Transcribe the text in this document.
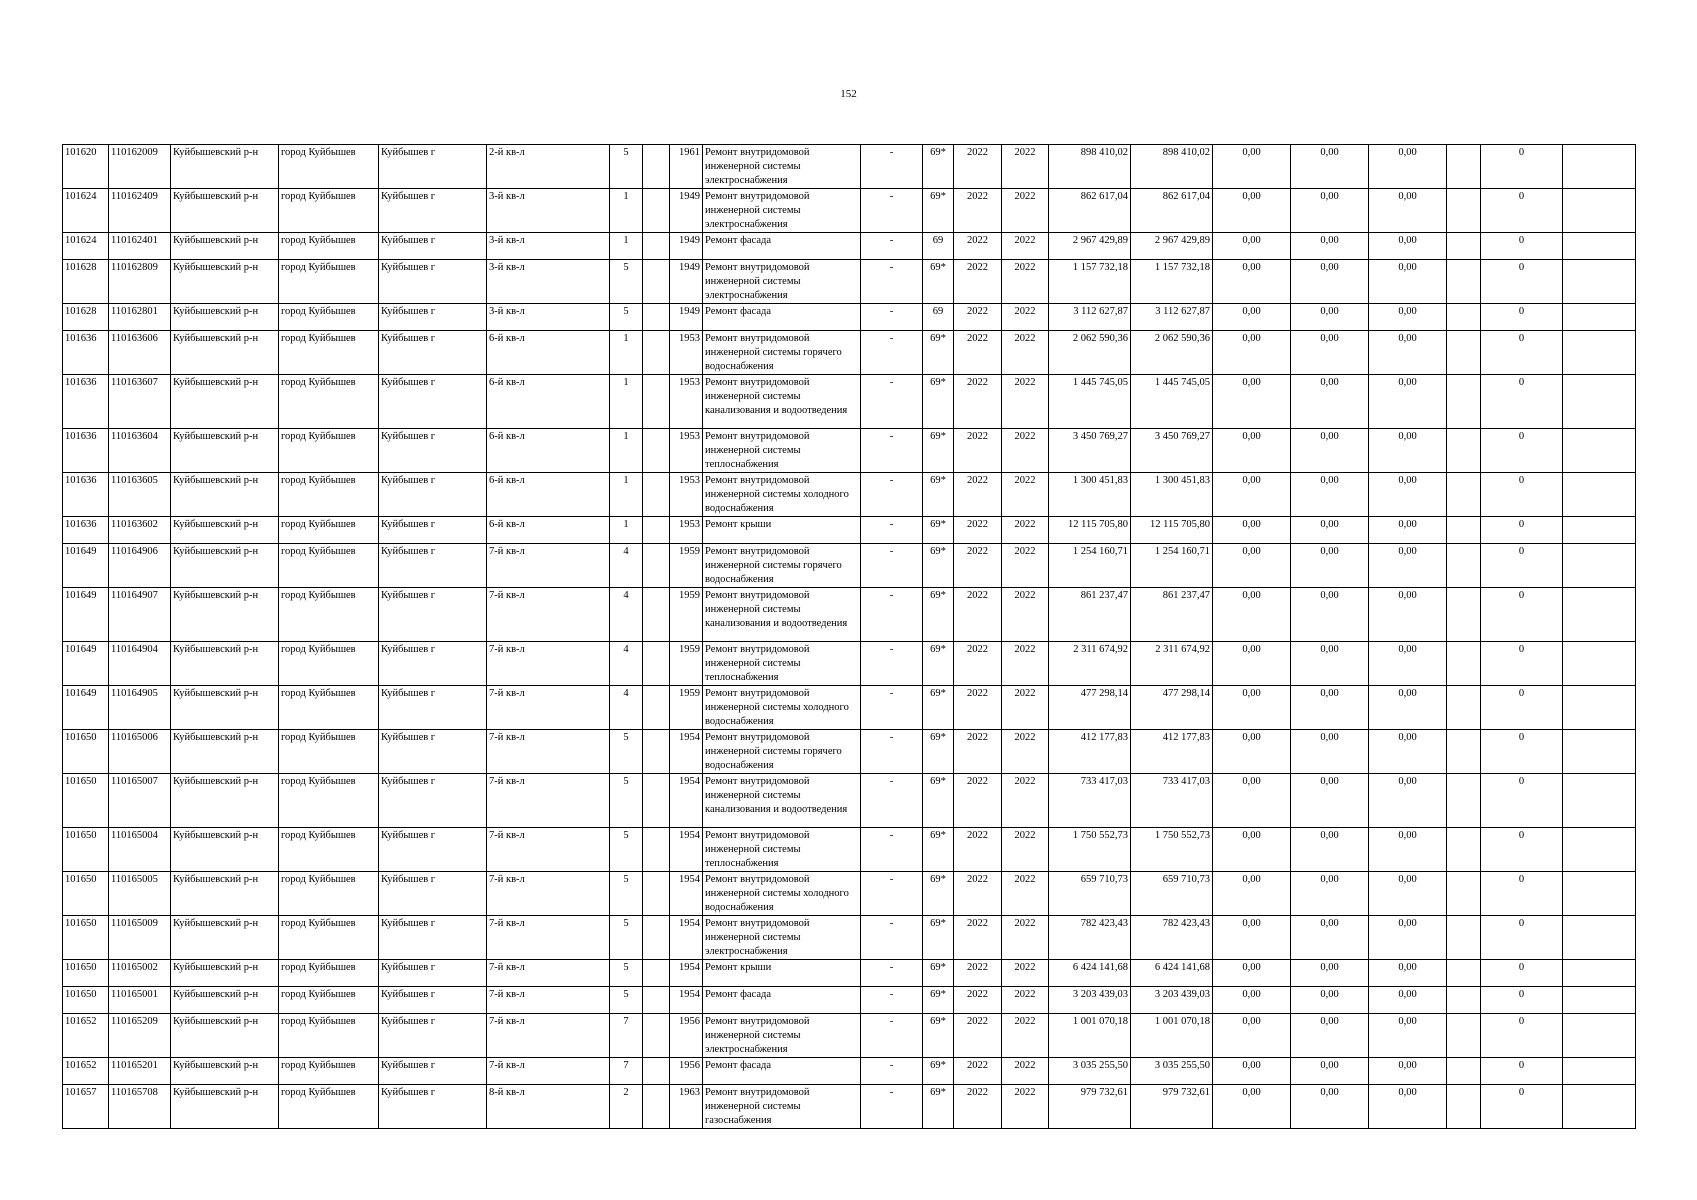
152
101620	110162009	Куйбышевский р-н	город Куйбышев	Куйбышев г	2-й кв-л	5		1961	Ремонт внутридомовой инженерной системы электроснабжения	-	69*	2022	2022	898 410,02	898 410,02	0,00	0,00	0,00		0	
101624	110162409	Куйбышевский р-н	город Куйбышев	Куйбышев г	3-й кв-л	1		1949	Ремонт внутридомовой инженерной системы электроснабжения	-	69*	2022	2022	862 617,04	862 617,04	0,00	0,00	0,00		0	
101624	110162401	Куйбышевский р-н	город Куйбышев	Куйбышев г	3-й кв-л	1		1949	Ремонт фасада	-	69	2022	2022	2 967 429,89	2 967 429,89	0,00	0,00	0,00		0	
101628	110162809	Куйбышевский р-н	город Куйбышев	Куйбышев г	3-й кв-л	5		1949	Ремонт внутридомовой инженерной системы электроснабжения	-	69*	2022	2022	1 157 732,18	1 157 732,18	0,00	0,00	0,00		0	
101628	110162801	Куйбышевский р-н	город Куйбышев	Куйбышев г	3-й кв-л	5		1949	Ремонт фасада	-	69	2022	2022	3 112 627,87	3 112 627,87	0,00	0,00	0,00		0	
101636	110163606	Куйбышевский р-н	город Куйбышев	Куйбышев г	6-й кв-л	1		1953	Ремонт внутридомовой инженерной системы горячего водоснабжения	-	69*	2022	2022	2 062 590,36	2 062 590,36	0,00	0,00	0,00		0	
101636	110163607	Куйбышевский р-н	город Куйбышев	Куйбышев г	6-й кв-л	1		1953	Ремонт внутридомовой инженерной системы канализования и водоотведения	-	69*	2022	2022	1 445 745,05	1 445 745,05	0,00	0,00	0,00		0	
101636	110163604	Куйбышевский р-н	город Куйбышев	Куйбышев г	6-й кв-л	1		1953	Ремонт внутридомовой инженерной системы теплоснабжения	-	69*	2022	2022	3 450 769,27	3 450 769,27	0,00	0,00	0,00		0	
101636	110163605	Куйбышевский р-н	город Куйбышев	Куйбышев г	6-й кв-л	1		1953	Ремонт внутридомовой инженерной системы холодного водоснабжения	-	69*	2022	2022	1 300 451,83	1 300 451,83	0,00	0,00	0,00		0	
101636	110163602	Куйбышевский р-н	город Куйбышев	Куйбышев г	6-й кв-л	1		1953	Ремонт крыши	-	69*	2022	2022	12 115 705,80	12 115 705,80	0,00	0,00	0,00		0	
101649	110164906	Куйбышевский р-н	город Куйбышев	Куйбышев г	7-й кв-л	4		1959	Ремонт внутридомовой инженерной системы горячего водоснабжения	-	69*	2022	2022	1 254 160,71	1 254 160,71	0,00	0,00	0,00		0	
101649	110164907	Куйбышевский р-н	город Куйбышев	Куйбышев г	7-й кв-л	4		1959	Ремонт внутридомовой инженерной системы канализования и водоотведения	-	69*	2022	2022	861 237,47	861 237,47	0,00	0,00	0,00		0	
101649	110164904	Куйбышевский р-н	город Куйбышев	Куйбышев г	7-й кв-л	4		1959	Ремонт внутридомовой инженерной системы теплоснабжения	-	69*	2022	2022	2 311 674,92	2 311 674,92	0,00	0,00	0,00		0	
101649	110164905	Куйбышевский р-н	город Куйбышев	Куйбышев г	7-й кв-л	4		1959	Ремонт внутридомовой инженерной системы холодного водоснабжения	-	69*	2022	2022	477 298,14	477 298,14	0,00	0,00	0,00		0	
101650	110165006	Куйбышевский р-н	город Куйбышев	Куйбышев г	7-й кв-л	5		1954	Ремонт внутридомовой инженерной системы горячего водоснабжения	-	69*	2022	2022	412 177,83	412 177,83	0,00	0,00	0,00		0	
101650	110165007	Куйбышевский р-н	город Куйбышев	Куйбышев г	7-й кв-л	5		1954	Ремонт внутридомовой инженерной системы канализования и водоотведения	-	69*	2022	2022	733 417,03	733 417,03	0,00	0,00	0,00		0	
101650	110165004	Куйбышевский р-н	город Куйбышев	Куйбышев г	7-й кв-л	5		1954	Ремонт внутридомовой инженерной системы теплоснабжения	-	69*	2022	2022	1 750 552,73	1 750 552,73	0,00	0,00	0,00		0	
101650	110165005	Куйбышевский р-н	город Куйбышев	Куйбышев г	7-й кв-л	5		1954	Ремонт внутридомовой инженерной системы холодного водоснабжения	-	69*	2022	2022	659 710,73	659 710,73	0,00	0,00	0,00		0	
101650	110165009	Куйбышевский р-н	город Куйбышев	Куйбышев г	7-й кв-л	5		1954	Ремонт внутридомовой инженерной системы электроснабжения	-	69*	2022	2022	782 423,43	782 423,43	0,00	0,00	0,00		0	
101650	110165002	Куйбышевский р-н	город Куйбышев	Куйбышев г	7-й кв-л	5		1954	Ремонт крыши	-	69*	2022	2022	6 424 141,68	6 424 141,68	0,00	0,00	0,00		0	
101650	110165001	Куйбышевский р-н	город Куйбышев	Куйбышев г	7-й кв-л	5		1954	Ремонт фасада	-	69*	2022	2022	3 203 439,03	3 203 439,03	0,00	0,00	0,00		0	
101652	110165209	Куйбышевский р-н	город Куйбышев	Куйбышев г	7-й кв-л	7		1956	Ремонт внутридомовой инженерной системы электроснабжения	-	69*	2022	2022	1 001 070,18	1 001 070,18	0,00	0,00	0,00		0	
101652	110165201	Куйбышевский р-н	город Куйбышев	Куйбышев г	7-й кв-л	7		1956	Ремонт фасада	-	69*	2022	2022	3 035 255,50	3 035 255,50	0,00	0,00	0,00		0	
101657	110165708	Куйбышевский р-н	город Куйбышев	Куйбышев г	8-й кв-л	2		1963	Ремонт внутридомовой инженерной системы газоснабжения	-	69*	2022	2022	979 732,61	979 732,61	0,00	0,00	0,00		0	
